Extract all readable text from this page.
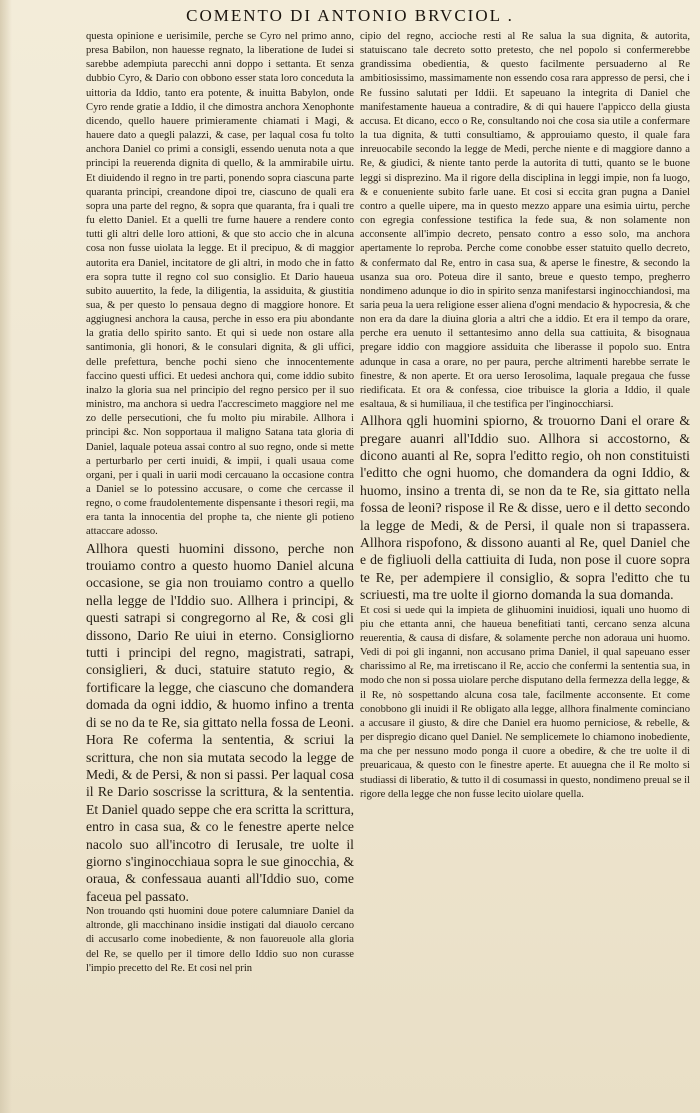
COMENTO DI ANTONIO BRVCIOL .

questa opinione e uerisimile, perche se Cyro nel primo anno, presa Babilon, non hauesse regnato, la liberatione de Iudei si sarebbe adempiuta parecchi anni doppo i settanta. Et senza dubbio Cyro, & Dario con obbono esser stata loro conceduta la uittoria da Iddio, tanto era potente, & inuitta Babylon, onde Cyro rende gratie a Iddio, il che dimostra anchora Xenophonte dicendo, quello hauere primieramente chiamati i Magi, & hauere dato a quegli palazzi, & case, per laqual cosa fu tolto anchora Daniel co primi a consigli, essendo uenuta nota a que principi la reuerenda dignita di quello, & la ammirabile uirtu. Et diuidendo il regno in tre parti, ponendo sopra ciascuna parte quaranta principi, creandone dipoi tre, ciascuno de quali era sopra una parte del regno, & sopra que quaranta, fra i quali tre fu eletto Daniel. Et a quelli tre furne hauere a rendere conto tutti gli altri delle loro attioni, & que sto accio che in alcuna cosa non fusse uiolata la legge. Et il precipuo, & di maggior autorita era Daniel, incitatore de gli altri, in modo che in fatto era sopra tutte il regno col suo consiglio. Et Dario haueua subito auuertito, la fede, la diligentia, la assiduita, & giustitia sua, & per questo lo pensaua degno di maggiore honore. Et aggiugnesi anchora la causa, perche in esso era piu abondante la gratia dello spirito santo. Et qui si uede non ostare alla santimonia, gli honori, & le consulari dignita, & gli uffici, delle prefettura, benche pochi sieno che innocentemente faccino questi uffici. Et uedesi anchora qui, come iddio subito inalzo la gloria sua nel principio del regno persico per il suo ministro, ma anchora si uedra l'accrescimeto maggiore nel me zo delle persecutioni, che fu molto piu mirabile. Allhora i principi &c. Non sopportaua il maligno Satana tata gloria di Daniel, laquale poteua assai contro al suo regno, onde si mette a perturbarlo per certi inuidi, & impii, i quali usaua come organi, per i quali in uarii modi cercauano la occasione contra a Daniel se lo potessino accusare, o come che cercasse il regno, o come fraudolentemente dispensante i thesori regii, ma era tanta la innocentia del prophe ta, che niente gli potieno attaccare adosso.

Allhora questi huomini dissono, perche non trouiamo contro a questo huomo Daniel alcuna occasione, se gia non trouiamo contro a quello nella legge de l'Iddio suo. Allhera i principi, & questi satrapi si congregorno al Re, & cosi gli dissono, Dario Re uiui in eterno. Consigliorno tutti i principi del regno, magistrati, satrapi, consiglieri, & duci, statuire statuto regio, & fortificare la legge, che ciascuno che domandera domada da ogni iddio, & huomo infino a trenta di se no da te Re, sia gittato nella fossa de Leoni. Hora Re coferma la sententia, & scriui la scrittura, che non sia mutata secodo la legge de Medi, & de Persi, & non si passi. Per laqual cosa il Re Dario soscrisse la scrittura, & la sententia. Et Daniel quado seppe che era scritta la scrittura, entro in casa sua, & co le fenestre aperte nelce nacolo suo all'incotro di Ierusale, tre uolte il giorno s'inginocchiaua sopra le sue ginocchia, & oraua, & confessaua auanti all'Iddio suo, come faceua pel passato.

Non trouando qsti huomini doue potere calumniare Daniel da altronde, gli macchinano insidie instigati dal diauolo cercano di accusarlo come inobediente, & non fauoreuole alla gloria del Re, se quello per il timore dello Iddio suo non curasse l'impio precetto del Re. Et cosi nel prin

cipio del regno, accioche resti al Re salua la sua dignita, & autorita, statuiscano tale decreto sotto pretesto, che nel popolo si confermerebbe grandissima obedientia, & questo facilmente persuaderno al Re ambitiosissimo, massimamente non essendo cosa rara appresso de persi, che i Re fussino salutati per Iddii. Et sapeuano la integrita di Daniel che manifestamente haueua a contradire, & di qui hauere l'appicco della giusta accusa. Et dicano, ecco o Re, consultando noi che cosa sia utile a confermare la tua dignita, & tutti consultiamo, & approuiamo questo, il quale fara inreuocabile secondo la legge de Medi, perche niente e di maggiore danno a Re, & giudici, & niente tanto perde la autorita di tutti, quanto se le buone leggi si disprezino. Ma il rigore della disciplina in leggi impie, non fa luogo, & e conueniente subito farle uane. Et cosi si eccita gran pugna a Daniel contro a quelle uipere, ma in questo mezzo appare una esimia uirtu, perche con egregia confessione testifica la fede sua, & non solamente non acconsente all'impio decreto, pensato contro a esso solo, ma anchora apertamente lo reproba. Perche come conobbe esser statuito quello decreto, & confermato dal Re, entro in casa sua, & aperse le finestre, & secondo la usanza sua oro. Poteua dire il santo, breue e questo tempo, pregherro nondimeno adunque io dio in spirito senza manifestarsi inginocchiandosi, ma saria peua la uera religione esser aliena d'ogni mendacio & hypocresia, & che non era da dare la diuina gloria a altri che a iddio. Et era il tempo da orare, perche era uenuto il settantesimo anno della sua cattiuita, & bisognaua pregare iddio con maggiore assiduita che liberasse il popolo suo. Entra adunque in casa a orare, no per paura, perche altrimenti harebbe serrate le finestre, & non aperte. Et ora uerso Ierosolima, laquale pregaua che fusse riedificata. Et ora & confessa, cioe tribuisce la gloria a Iddio, il quale esaltaua, & si humiliaua, il che testifica per l'inginocchiarsi.

Allhora qgli huomini spiorno, & trouorno Dani el orare & pregare auanri all'Iddio suo. Allhora si accostorno, & dicono auanti al Re, sopra l'editto regio, oh non constituisti l'editto che ogni huomo, che domandera da ogni Iddio, & huomo, insino a trenta di, se non da te Re, sia gittato nella fossa de leoni? rispose il Re & disse, uero e il detto secondo la legge de Medi, & de Persi, il quale non si trapassera. Allhora rispofono, & dissono auanti al Re, quel Daniel che e de figliuoli della cattiuita di Iuda, non pose il cuore sopra te Re, per adempiere il consiglio, & sopra l'editto che tu scriuesti, ma tre uolte il giorno domanda la sua domanda.

Et cosi si uede qui la impieta de glihuomini inuidiosi, iquali uno huomo di piu che ettanta anni, che haueua benefitiati tanti, cercano senza alcuna reuerentia, & causa di disfare, & solamente perche non adoraua uni huomo. Vedi di poi gli inganni, non accusano prima Daniel, il qual sapeuano esser charissimo al Re, ma irretiscano il Re, accio che confermi la sententia sua, in modo che non si possa uiolare perche disputano della fermezza della legge, & il Re, nò sospettando alcuna cosa tale, facilmente acconsente. Et come conobbono gli inuidi il Re obligato alla legge, allhora finalmente cominciano a accusare il giusto, & dire che Daniel era huomo perniciose, & rebelle, & per dispregio dicano quel Daniel. Ne semplicemete lo chiamono inobediente, ma che per nessuno modo ponga il cuore a obedire, & che tre uolte il di preuaricaua, & questo con le finestre aperte. Et auuegna che il Re molto si studiassi di liberatio, & tutto il di cosumassi in questo, nondimeno preual se il rigore della legge che non fusse lecito uiolare quella.
